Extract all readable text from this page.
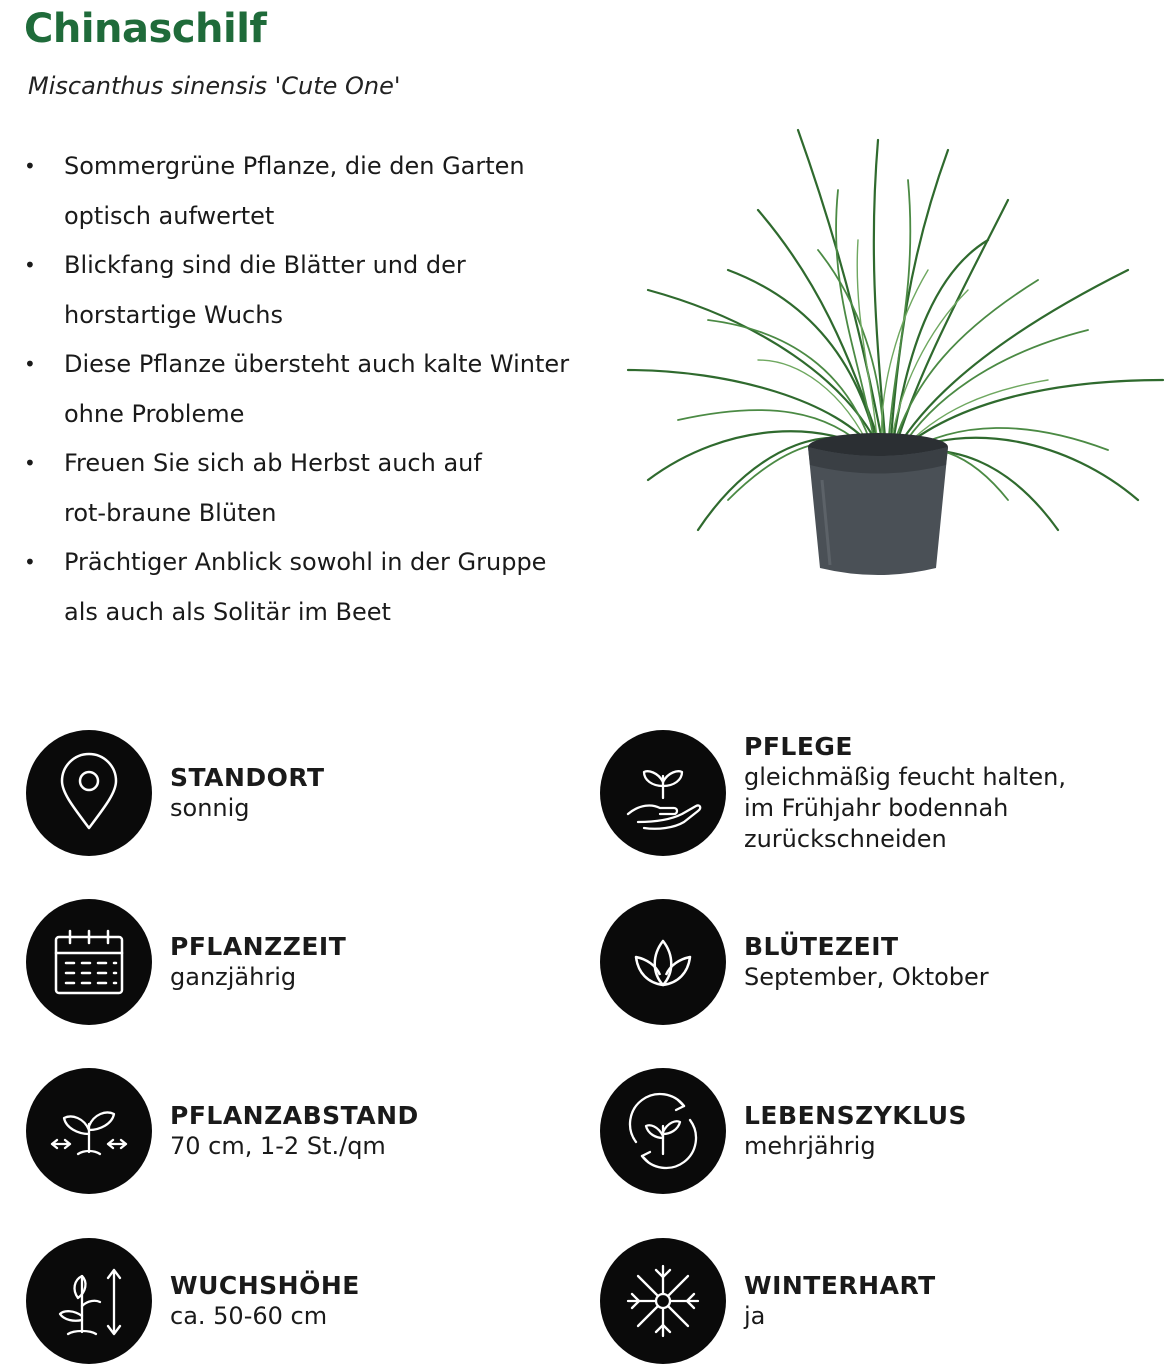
Chinaschilf
Miscanthus sinensis 'Cute One'
• Sommergrüne Pflanze, die den Garten
optisch aufwertet
• Blickfang sind die Blätter und der
horstartige Wuchs
• Diese Pflanze übersteht auch kalte Winter
ohne Probleme
• Freuen Sie sich ab Herbst auch auf
rot-braune Blüten
• Prächtiger Anblick sowohl in der Gruppe
als auch als Solitär im Beet
STANDORT
sonnig
PFLEGE
gleichmäßig feucht halten,
im Frühjahr bodennah
zurückschneiden
PFLANZZEIT
ganzjährig
BLÜTEZEIT
September, Oktober
PFLANZABSTAND
70 cm, 1-2 St./qm
LEBENSZYKLUS
mehrjährig
WUCHSHÖHE
ca. 50-60 cm
WINTERHART
ja
